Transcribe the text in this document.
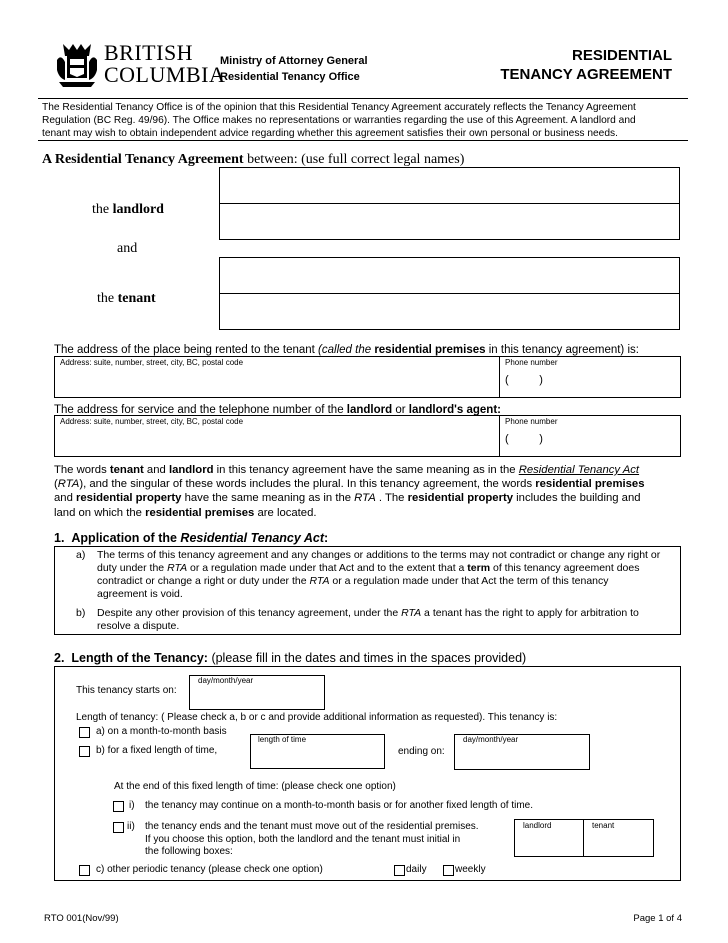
BRITISH
COLUMBIA
Ministry of Attorney General
Residential Tenancy Office
RESIDENTIAL
TENANCY AGREEMENT
The Residential Tenancy Office is of the opinion that this Residential Tenancy Agreement accurately reflects the Tenancy Agreement
Regulation (BC Reg. 49/96). The Office makes no representations or warranties regarding the use of this Agreement. A landlord and
tenant may wish to obtain independent advice regarding whether this agreement satisfies their own personal or business needs.
A Residential Tenancy Agreement between: (use full correct legal names)
the landlord
and
the tenant
The address of the place being rented to the tenant (called the residential premises in this tenancy agreement) is:
Address: suite, number, street, city, BC, postal code	Phone number
(          )
The address for service and the telephone number of the landlord or landlord's agent:
Address: suite, number, street, city, BC, postal code	Phone number
(          )
The words tenant and landlord in this tenancy agreement have the same meaning as in the Residential Tenancy Act
(RTA), and the singular of these words includes the plural. In this tenancy agreement, the words residential premises
and residential property have the same meaning as in the RTA . The residential property includes the building and
land on which the residential premises are located.
1. Application of the Residential Tenancy Act:
a) The terms of this tenancy agreement and any changes or additions to the terms may not contradict or change any right or
duty under the RTA or a regulation made under that Act and to the extent that a term of this tenancy agreement does
contradict or change a right or duty under the RTA or a regulation made under that Act the term of this tenancy
agreement is void.
b) Despite any other provision of this tenancy agreement, under the RTA a tenant has the right to apply for arbitration to
resolve a dispute.
2. Length of the Tenancy: (please fill in the dates and times in the spaces provided)
This tenancy starts on:
day/month/year
Length of tenancy: ( Please check a, b or c and provide additional information as requested). This tenancy is:
a) on a month-to-month basis
b) for a fixed length of time,
length of time
ending on:
day/month/year
At the end of this fixed length of time: (please check one option)
i) the tenancy may continue on a month-to-month basis or for another fixed length of time.
ii) the tenancy ends and the tenant must move out of the residential premises.
If you choose this option, both the landlord and the tenant must initial in
the following boxes:
landlord	tenant
c) other periodic tenancy (please check one option)	daily	weekly
RTO 001(Nov/99)	Page 1 of 4
